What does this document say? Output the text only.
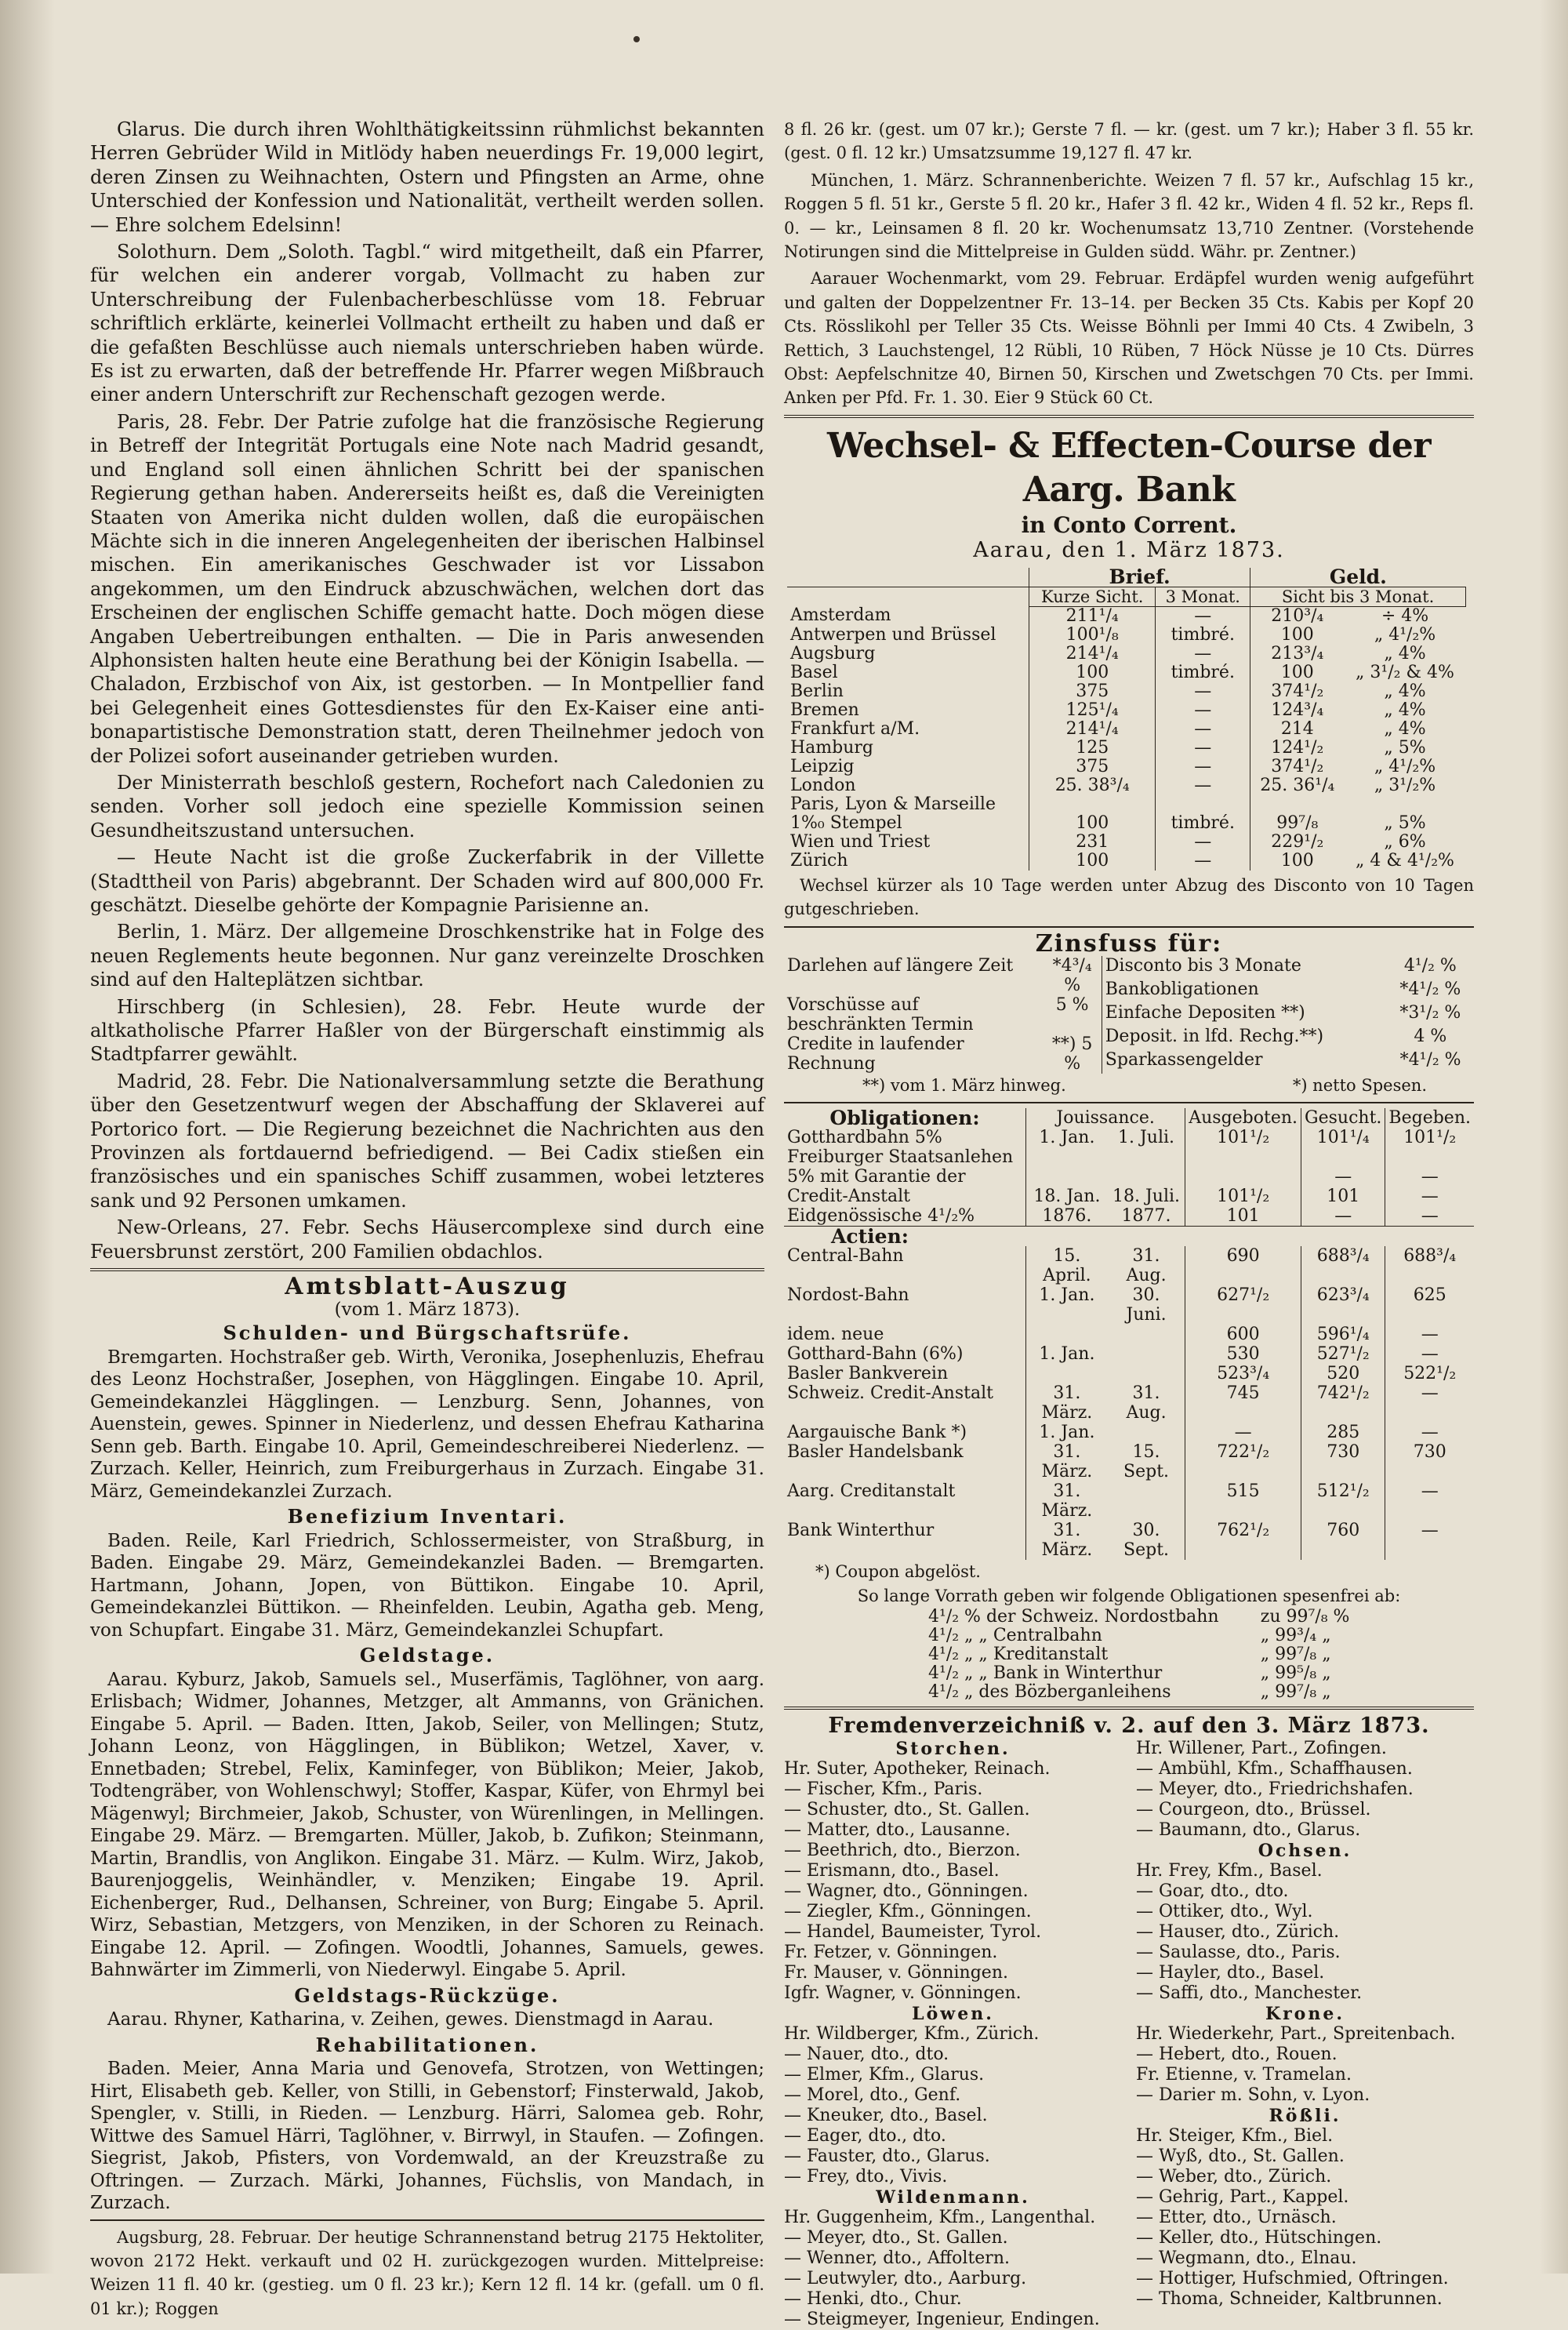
Glarus. Die durch ihren Wohlthätigkeitssinn rühmlichst bekannten Herren Gebrüder Wild in Mitlödy haben neuerdings Fr. 19,000 legirt, deren Zinsen zu Weihnachten, Ostern und Pfingsten an Arme, ohne Unterschied der Konfession und Nationalität, vertheilt werden sollen. — Ehre solchem Edelsinn!

Solothurn. Dem „Soloth. Tagbl.“ wird mitgetheilt, daß ein Pfarrer, für welchen ein anderer vorgab, Vollmacht zu haben zur Unterschreibung der Fulenbacherbeschlüsse vom 18. Februar schriftlich erklärte, keinerlei Vollmacht ertheilt zu haben und daß er die gefaßten Beschlüsse auch niemals unterschrieben haben würde. Es ist zu erwarten, daß der betreffende Hr. Pfarrer wegen Mißbrauch einer andern Unterschrift zur Rechenschaft gezogen werde.

Paris, 28. Febr. Der Patrie zufolge hat die französische Regierung in Betreff der Integrität Portugals eine Note nach Madrid gesandt, und England soll einen ähnlichen Schritt bei der spanischen Regierung gethan haben. Andererseits heißt es, daß die Vereinigten Staaten von Amerika nicht dulden wollen, daß die europäischen Mächte sich in die inneren Angelegenheiten der iberischen Halbinsel mischen. Ein amerikanisches Geschwader ist vor Lissabon angekommen, um den Eindruck abzuschwächen, welchen dort das Erscheinen der englischen Schiffe gemacht hatte. Doch mögen diese Angaben Uebertreibungen enthalten. — Die in Paris anwesenden Alphonsisten halten heute eine Berathung bei der Königin Isabella. — Chaladon, Erzbischof von Aix, ist gestorben. — In Montpellier fand bei Gelegenheit eines Gottesdienstes für den Ex-Kaiser eine anti-bonapartistische Demonstration statt, deren Theilnehmer jedoch von der Polizei sofort auseinander getrieben wurden.

Der Ministerrath beschloß gestern, Rochefort nach Caledonien zu senden. Vorher soll jedoch eine spezielle Kommission seinen Gesundheitszustand untersuchen.

— Heute Nacht ist die große Zuckerfabrik in der Villette (Stadttheil von Paris) abgebrannt. Der Schaden wird auf 800,000 Fr. geschätzt. Dieselbe gehörte der Kompagnie Parisienne an.

Berlin, 1. März. Der allgemeine Droschkenstrike hat in Folge des neuen Reglements heute begonnen. Nur ganz vereinzelte Droschken sind auf den Halteplätzen sichtbar.

Hirschberg (in Schlesien), 28. Febr. Heute wurde der altkatholische Pfarrer Haßler von der Bürgerschaft einstimmig als Stadtpfarrer gewählt.

Madrid, 28. Febr. Die Nationalversammlung setzte die Berathung über den Gesetzentwurf wegen der Abschaffung der Sklaverei auf Portorico fort. — Die Regierung bezeichnet die Nachrichten aus den Provinzen als fortdauernd befriedigend. — Bei Cadix stießen ein französisches und ein spanisches Schiff zusammen, wobei letzteres sank und 92 Personen umkamen.

New-Orleans, 27. Febr. Sechs Häusercomplexe sind durch eine Feuersbrunst zerstört, 200 Familien obdachlos.

Amtsblatt-Auszug
(vom 1. März 1873).
Schulden- und Bürgschaftsrüfe.

Bremgarten. Hochstraßer geb. Wirth, Veronika, Josephenluzis, Ehefrau des Leonz Hochstraßer, Josephen, von Hägglingen. Eingabe 10. April, Gemeindekanzlei Hägglingen. — Lenzburg. Senn, Johannes, von Auenstein, gewes. Spinner in Niederlenz, und dessen Ehefrau Katharina Senn geb. Barth. Eingabe 10. April, Gemeindeschreiberei Niederlenz. — Zurzach. Keller, Heinrich, zum Freiburgerhaus in Zurzach. Eingabe 31. März, Gemeindekanzlei Zurzach.

Benefizium Inventari.

Baden. Reile, Karl Friedrich, Schlossermeister, von Straßburg, in Baden. Eingabe 29. März, Gemeindekanzlei Baden. — Bremgarten. Hartmann, Johann, Jopen, von Büttikon. Eingabe 10. April, Gemeindekanzlei Büttikon. — Rheinfelden. Leubin, Agatha geb. Meng, von Schupfart. Eingabe 31. März, Gemeindekanzlei Schupfart.

Geldstage.

Aarau. Kyburz, Jakob, Samuels sel., Muserfämis, Taglöhner, von aarg. Erlisbach; Widmer, Johannes, Metzger, alt Ammanns, von Gränichen. Eingabe 5. April. — Baden. Itten, Jakob, Seiler, von Mellingen; Stutz, Johann Leonz, von Hägglingen, in Büblikon; Wetzel, Xaver, v. Ennetbaden; Strebel, Felix, Kaminfeger, von Büblikon; Meier, Jakob, Todtengräber, von Wohlenschwyl; Stoffer, Kaspar, Küfer, von Ehrmyl bei Mägenwyl; Birchmeier, Jakob, Schuster, von Würenlingen, in Mellingen. Eingabe 29. März. — Bremgarten. Müller, Jakob, b. Zufikon; Steinmann, Martin, Brandlis, von Anglikon. Eingabe 31. März. — Kulm. Wirz, Jakob, Baurenjoggelis, Weinhändler, v. Menziken; Eingabe 19. April. Eichenberger, Rud., Delhansen, Schreiner, von Burg; Eingabe 5. April. Wirz, Sebastian, Metzgers, von Menziken, in der Schoren zu Reinach. Eingabe 12. April. — Zofingen. Woodtli, Johannes, Samuels, gewes. Bahnwärter im Zimmerli, von Niederwyl. Eingabe 5. April.

Geldstags-Rückzüge.

Aarau. Rhyner, Katharina, v. Zeihen, gewes. Dienstmagd in Aarau.

Rehabilitationen.

Baden. Meier, Anna Maria und Genovefa, Strotzen, von Wettingen; Hirt, Elisabeth geb. Keller, von Stilli, in Gebenstorf; Finsterwald, Jakob, Spengler, v. Stilli, in Rieden. — Lenzburg. Härri, Salomea geb. Rohr, Wittwe des Samuel Härri, Taglöhner, v. Birrwyl, in Staufen. — Zofingen. Siegrist, Jakob, Pfisters, von Vordemwald, an der Kreuzstraße zu Oftringen. — Zurzach. Märki, Johannes, Füchslis, von Mandach, in Zurzach.

Augsburg, 28. Februar. Der heutige Schrannenstand betrug 2175 Hektoliter, wovon 2172 Hekt. verkauft und 02 H. zurückgezogen wurden. Mittelpreise: Weizen 11 fl. 40 kr. (gestieg. um 0 fl. 23 kr.); Kern 12 fl. 14 kr. (gefall. um 0 fl. 01 kr.); Roggen

8 fl. 26 kr. (gest. um 07 kr.); Gerste 7 fl. — kr. (gest. um 7 kr.); Haber 3 fl. 55 kr. (gest. 0 fl. 12 kr.) Umsatzsumme 19,127 fl. 47 kr.

München, 1. März. Schrannenberichte. Weizen 7 fl. 57 kr., Aufschlag 15 kr., Roggen 5 fl. 51 kr., Gerste 5 fl. 20 kr., Hafer 3 fl. 42 kr., Widen 4 fl. 52 kr., Reps fl. 0. — kr., Leinsamen 8 fl. 20 kr. Wochenumsatz 13,710 Zentner. (Vorstehende Notirungen sind die Mittelpreise in Gulden südd. Währ. pr. Zentner.)

Aarauer Wochenmarkt, vom 29. Februar. Erdäpfel wurden wenig aufgeführt und galten der Doppelzentner Fr. 13–14. per Becken 35 Cts. Kabis per Kopf 20 Cts. Rösslikohl per Teller 35 Cts. Weisse Böhnli per Immi 40 Cts. 4 Zwibeln, 3 Rettich, 3 Lauchstengel, 12 Rübli, 10 Rüben, 7 Höck Nüsse je 10 Cts. Dürres Obst: Aepfelschnitze 40, Birnen 50, Kirschen und Zwetschgen 70 Cts. per Immi. Anken per Pfd. Fr. 1. 30. Eier 9 Stück 60 Ct.

Wechsel- & Effecten-Course der Aarg. Bank
in Conto Corrent.
Aarau, den 1. März 1873.
	Brief.		Geld.	
	Kurze Sicht.	3 Monat.	Sicht bis 3 Monat.	
Amsterdam	211¹/₄	—	210³/₄	÷ 4%
Antwerpen und Brüssel	100¹/₈	timbré.	100	„ 4¹/₂%
Augsburg	214¹/₄	—	213³/₄	„ 4%
Basel	100	timbré.	100	„ 3¹/₂ & 4%
Berlin	375	—	374¹/₂	„ 4%
Bremen	125¹/₄	—	124³/₄	„ 4%
Frankfurt a/M.	214¹/₄	—	214	„ 4%
Hamburg	125	—	124¹/₂	„ 5%
Leipzig	375	—	374¹/₂	„ 4¹/₂%
London	25. 38³/₄	—	25. 36¹/₄	„ 3¹/₂%
Paris, Lyon & Marseille				
1%₀ Stempel	100	timbré.	99⁷/₈	„ 5%
Wien und Triest	231	—	229¹/₂	„ 6%
Zürich	100	—	100	„ 4 & 4¹/₂%

Wechsel kürzer als 10 Tage werden unter Abzug des Disconto von 10 Tagen gutgeschrieben.

Zinsfuss für:
Darlehen auf längere Zeit	*4³/₄ %
Vorschüsse auf beschränkten Termin	5 %
Credite in laufender Rechnung	**) 5 %
Disconto bis 3 Monate	4¹/₂ %
Bankobligationen	*4¹/₂ %
Einfache Depositen **)	*3¹/₂ %
Deposit. in lfd. Rechg.**)	4 %
Sparkassengelder	*4¹/₂ %
**) vom 1. März hinweg.	*) netto Spesen.
Obligationen:	Jouissance.		Ausgeboten.	Gesucht.	Begeben.
Gotthardbahn 5%	1. Jan.	1. Juli.	101¹/₂	101¹/₄	101¹/₂
Freiburger Staatsanlehen					
5% mit Garantie der				—	—
Credit-Anstalt	18. Jan.	18. Juli.	101¹/₂	101	—
Eidgenössische 4¹/₂%	1876.	1877.	101	—	—
Actien:					
Central-Bahn	15. April.	31. Aug.	690	688³/₄	688³/₄
Nordost-Bahn	1. Jan.	30. Juni.	627¹/₂	623³/₄	625
idem. neue			600	596¹/₄	—
Gotthard-Bahn (6%)	1. Jan.		530	527¹/₂	—
Basler Bankverein			523³/₄	520	522¹/₂
Schweiz. Credit-Anstalt	31. März.	31. Aug.	745	742¹/₂	—
Aargauische Bank *)	1. Jan.		—	285	—
Basler Handelsbank	31. März.	15. Sept.	722¹/₂	730	730
Aarg. Creditanstalt	31. März.		515	512¹/₂	—
Bank Winterthur	31. März.	30. Sept.	762¹/₂	760	—
*) Coupon abgelöst.
So lange Vorrath geben wir folgende Obligationen spesenfrei ab:
4¹/₂ % der Schweiz. Nordostbahn	zu 99⁷/₈ %
4¹/₂ „ „ Centralbahn	„ 99³/₄ „
4¹/₂ „ „ Kreditanstalt	„ 99⁷/₈ „
4¹/₂ „ „ Bank in Winterthur	„ 99⁵/₈ „
4¹/₂ „ des Bözberganleihens	„ 99⁷/₈ „
Fremdenverzeichniß v. 2. auf den 3. März 1873.
Storchen.
Hr. Suter, Apotheker, Reinach.
— Fischer, Kfm., Paris.
— Schuster, dto., St. Gallen.
— Matter, dto., Lausanne.
— Beethrich, dto., Bierzon.
— Erismann, dto., Basel.
— Wagner, dto., Gönningen.
— Ziegler, Kfm., Gönningen.
— Handel, Baumeister, Tyrol.
Fr. Fetzer, v. Gönningen.
Fr. Mauser, v. Gönningen.
Igfr. Wagner, v. Gönningen.
Löwen.
Hr. Wildberger, Kfm., Zürich.
— Nauer, dto., dto.
— Elmer, Kfm., Glarus.
— Morel, dto., Genf.
— Kneuker, dto., Basel.
— Eager, dto., dto.
— Fauster, dto., Glarus.
— Frey, dto., Vivis.
Wildenmann.
Hr. Guggenheim, Kfm., Langenthal.
— Meyer, dto., St. Gallen.
— Wenner, dto., Affoltern.
— Leutwyler, dto., Aarburg.
— Henki, dto., Chur.
— Steigmeyer, Ingenieur, Endingen.
Hr. Willener, Part., Zofingen.
— Ambühl, Kfm., Schaffhausen.
— Meyer, dto., Friedrichshafen.
— Courgeon, dto., Brüssel.
— Baumann, dto., Glarus.
Ochsen.
Hr. Frey, Kfm., Basel.
— Goar, dto., dto.
— Ottiker, dto., Wyl.
— Hauser, dto., Zürich.
— Saulasse, dto., Paris.
— Hayler, dto., Basel.
— Saffi, dto., Manchester.
Krone.
Hr. Wiederkehr, Part., Spreitenbach.
— Hebert, dto., Rouen.
Fr. Etienne, v. Tramelan.
— Darier m. Sohn, v. Lyon.
Rößli.
Hr. Steiger, Kfm., Biel.
— Wyß, dto., St. Gallen.
— Weber, dto., Zürich.
— Gehrig, Part., Kappel.
— Etter, dto., Urnäsch.
— Keller, dto., Hütschingen.
— Wegmann, dto., Elnau.
— Hottiger, Hufschmied, Oftringen.
— Thoma, Schneider, Kaltbrunnen.
